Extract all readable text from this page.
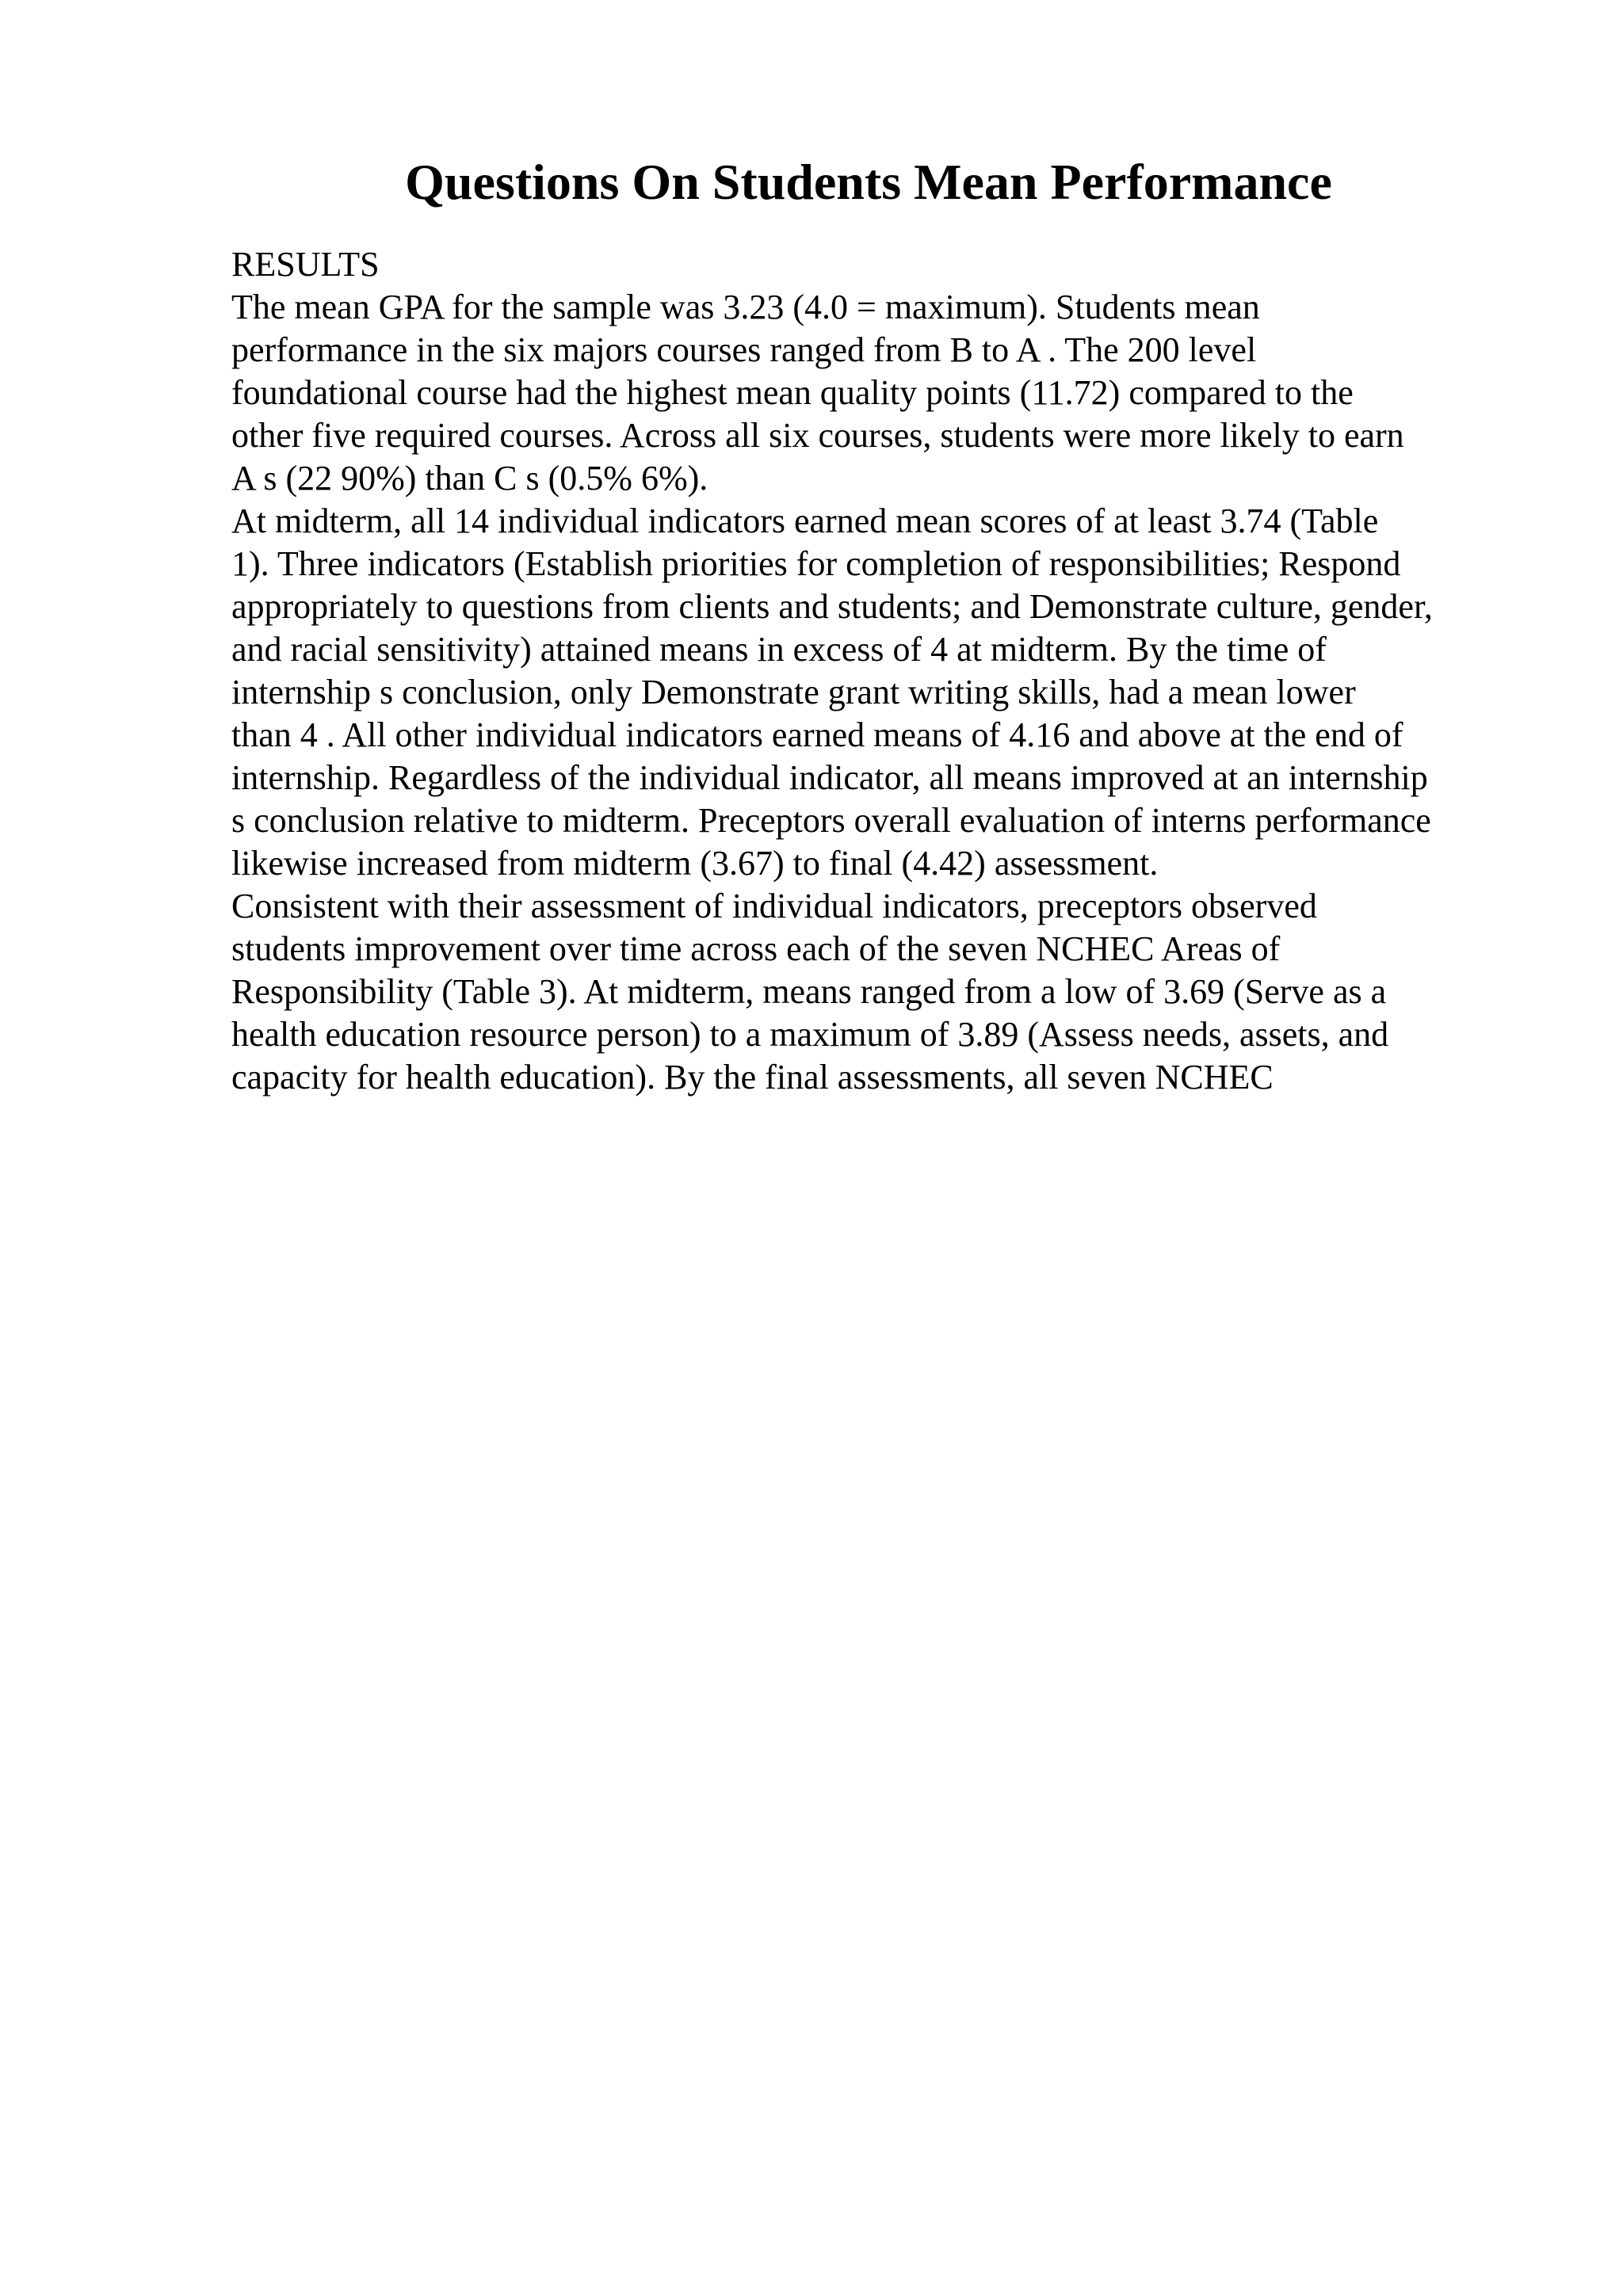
Questions On Students Mean Performance
RESULTS
The mean GPA for the sample was 3.23 (4.0 = maximum). Students mean
performance in the six majors courses ranged from B to A . The 200 level
foundational course had the highest mean quality points (11.72) compared to the
other five required courses. Across all six courses, students were more likely to earn
A s (22 90%) than C s (0.5% 6%).
At midterm, all 14 individual indicators earned mean scores of at least 3.74 (Table
1). Three indicators (Establish priorities for completion of responsibilities; Respond
appropriately to questions from clients and students; and Demonstrate culture, gender,
and racial sensitivity) attained means in excess of 4 at midterm. By the time of
internship s conclusion, only Demonstrate grant writing skills, had a mean lower
than 4 . All other individual indicators earned means of 4.16 and above at the end of
internship. Regardless of the individual indicator, all means improved at an internship
s conclusion relative to midterm. Preceptors overall evaluation of interns performance
likewise increased from midterm (3.67) to final (4.42) assessment.
Consistent with their assessment of individual indicators, preceptors observed
students improvement over time across each of the seven NCHEC Areas of
Responsibility (Table 3). At midterm, means ranged from a low of 3.69 (Serve as a
health education resource person) to a maximum of 3.89 (Assess needs, assets, and
capacity for health education). By the final assessments, all seven NCHEC
